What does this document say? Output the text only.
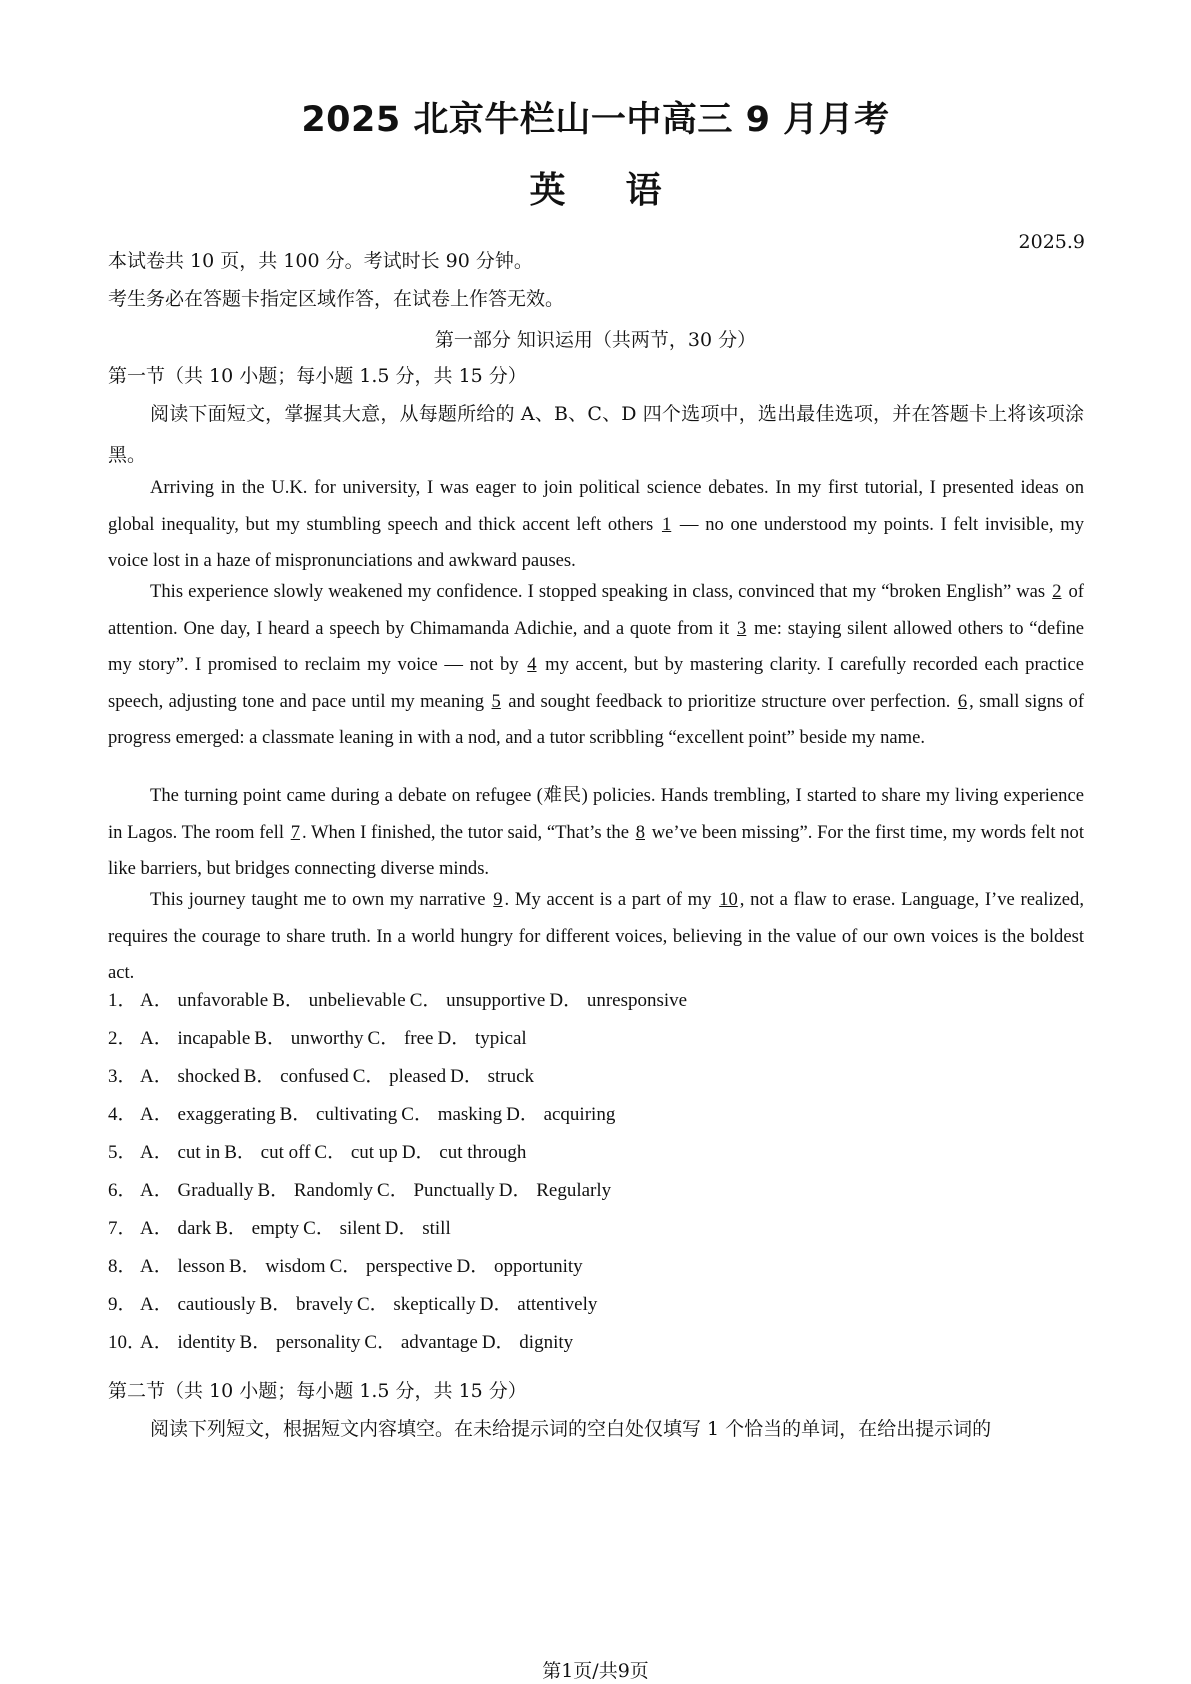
2025 北京牛栏山一中高三 9 月月考
英 语
2025.9
本试卷共 10 页，共 100 分。考试时长 90 分钟。
考生务必在答题卡指定区域作答，在试卷上作答无效。
第一部分 知识运用（共两节，30 分）
第一节（共 10 小题；每小题 1.5 分，共 15 分）
阅读下面短文，掌握其大意，从每题所给的 A、B、C、D 四个选项中，选出最佳选项，并在答题卡上将该项涂黑。
Arriving in the U.K. for university, I was eager to join political science debates. In my first tutorial, I presented ideas on global inequality, but my stumbling speech and thick accent left others 1 — no one understood my points. I felt invisible, my voice lost in a haze of mispronunciations and awkward pauses.
This experience slowly weakened my confidence. I stopped speaking in class, convinced that my “broken English” was 2 of attention. One day, I heard a speech by Chimamanda Adichie, and a quote from it 3 me: staying silent allowed others to “define my story”. I promised to reclaim my voice — not by 4 my accent, but by mastering clarity. I carefully recorded each practice speech, adjusting tone and pace until my meaning 5 and sought feedback to prioritize structure over perfection. 6 , small signs of progress emerged: a classmate leaning in with a nod, and a tutor scribbling “excellent point” beside my name.
The turning point came during a debate on refugee (难民) policies. Hands trembling, I started to share my living experience in Lagos. The room fell 7 . When I finished, the tutor said, “That’s the 8 we’ve been missing”. For the first time, my words felt not like barriers, but bridges connecting diverse minds.
This journey taught me to own my narrative 9 . My accent is a part of my 10 , not a flaw to erase. Language, I’ve realized, requires the courage to share truth. In a world hungry for different voices, believing in the value of our own voices is the boldest act.
1． A． unfavorable B． unbelievable C． unsupportive D． unresponsive
2． A． incapable B． unworthy C． free D． typical
3． A． shocked B． confused C． pleased D． struck
4． A． exaggerating B． cultivating C． masking D． acquiring
5． A． cut in B． cut off C． cut up D． cut through
6． A． Gradually B． Randomly C． Punctually D． Regularly
7． A． dark B． empty C． silent D． still
8． A． lesson B． wisdom C． perspective D． opportunity
9． A． cautiously B． bravely C． skeptically D． attentively
10．A． identity B． personality C． advantage D． dignity
第二节（共 10 小题；每小题 1.5 分，共 15 分）
阅读下列短文，根据短文内容填空。在未给提示词的空白处仅填写 1 个恰当的单词，在给出提示词的
第1页/共9页
